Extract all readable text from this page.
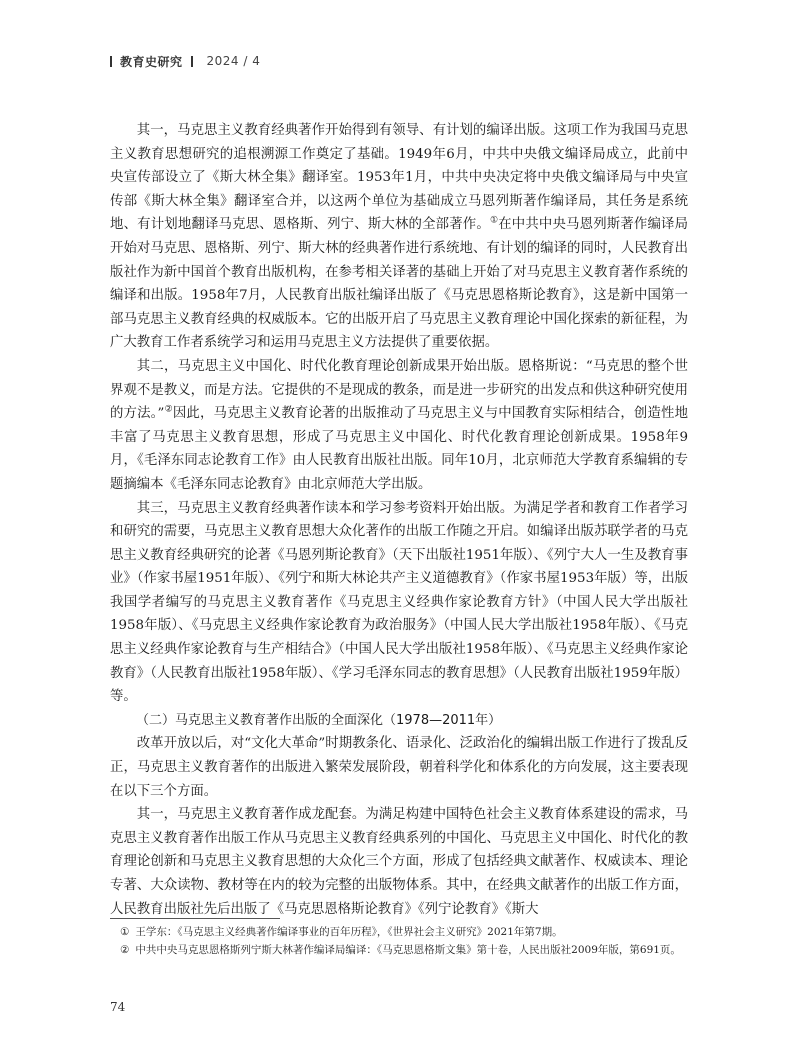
教育史研究 2024 / 4

其一，马克思主义教育经典著作开始得到有领导、有计划的编译出版。这项工作为我国马克思主义教育思想研究的追根溯源工作奠定了基础。1949年6月，中共中央俄文编译局成立，此前中央宣传部设立了《斯大林全集》翻译室。1953年1月，中共中央决定将中央俄文编译局与中央宣传部《斯大林全集》翻译室合并，以这两个单位为基础成立马恩列斯著作编译局，其任务是系统地、有计划地翻译马克思、恩格斯、列宁、斯大林的全部著作。①在中共中央马恩列斯著作编译局开始对马克思、恩格斯、列宁、斯大林的经典著作进行系统地、有计划的编译的同时，人民教育出版社作为新中国首个教育出版机构，在参考相关译著的基础上开始了对马克思主义教育著作系统的编译和出版。1958年7月，人民教育出版社编译出版了《马克思恩格斯论教育》，这是新中国第一部马克思主义教育经典的权威版本。它的出版开启了马克思主义教育理论中国化探索的新征程，为广大教育工作者系统学习和运用马克思主义方法提供了重要依据。

其二，马克思主义中国化、时代化教育理论创新成果开始出版。恩格斯说：“马克思的整个世界观不是教义，而是方法。它提供的不是现成的教条，而是进一步研究的出发点和供这种研究使用的方法。”②因此，马克思主义教育论著的出版推动了马克思主义与中国教育实际相结合，创造性地丰富了马克思主义教育思想，形成了马克思主义中国化、时代化教育理论创新成果。1958年9月，《毛泽东同志论教育工作》由人民教育出版社出版。同年10月，北京师范大学教育系编辑的专题摘编本《毛泽东同志论教育》由北京师范大学出版。

其三，马克思主义教育经典著作读本和学习参考资料开始出版。为满足学者和教育工作者学习和研究的需要，马克思主义教育思想大众化著作的出版工作随之开启。如编译出版苏联学者的马克思主义教育经典研究的论著《马恩列斯论教育》（天下出版社1951年版）、《列宁大人一生及教育事业》（作家书屋1951年版）、《列宁和斯大林论共产主义道德教育》（作家书屋1953年版）等，出版我国学者编写的马克思主义教育著作《马克思主义经典作家论教育方针》（中国人民大学出版社1958年版）、《马克思主义经典作家论教育为政治服务》（中国人民大学出版社1958年版）、《马克思主义经典作家论教育与生产相结合》（中国人民大学出版社1958年版）、《马克思主义经典作家论教育》（人民教育出版社1958年版）、《学习毛泽东同志的教育思想》（人民教育出版社1959年版）等。

（二）马克思主义教育著作出版的全面深化（1978—2011年）

改革开放以后，对“文化大革命”时期教条化、语录化、泛政治化的编辑出版工作进行了拨乱反正，马克思主义教育著作的出版进入繁荣发展阶段，朝着科学化和体系化的方向发展，这主要表现在以下三个方面。

其一，马克思主义教育著作成龙配套。为满足构建中国特色社会主义教育体系建设的需求，马克思主义教育著作出版工作从马克思主义教育经典系列的中国化、马克思主义中国化、时代化的教育理论创新和马克思主义教育思想的大众化三个方面，形成了包括经典文献著作、权威读本、理论专著、大众读物、教材等在内的较为完整的出版物体系。其中，在经典文献著作的出版工作方面，人民教育出版社先后出版了《马克思恩格斯论教育》《列宁论教育》《斯大

① 王学东：《马克思主义经典著作编译事业的百年历程》，《世界社会主义研究》2021年第7期。
② 中共中央马克思恩格斯列宁斯大林著作编译局编译：《马克思恩格斯文集》第十卷，人民出版社2009年版，第691页。
74
